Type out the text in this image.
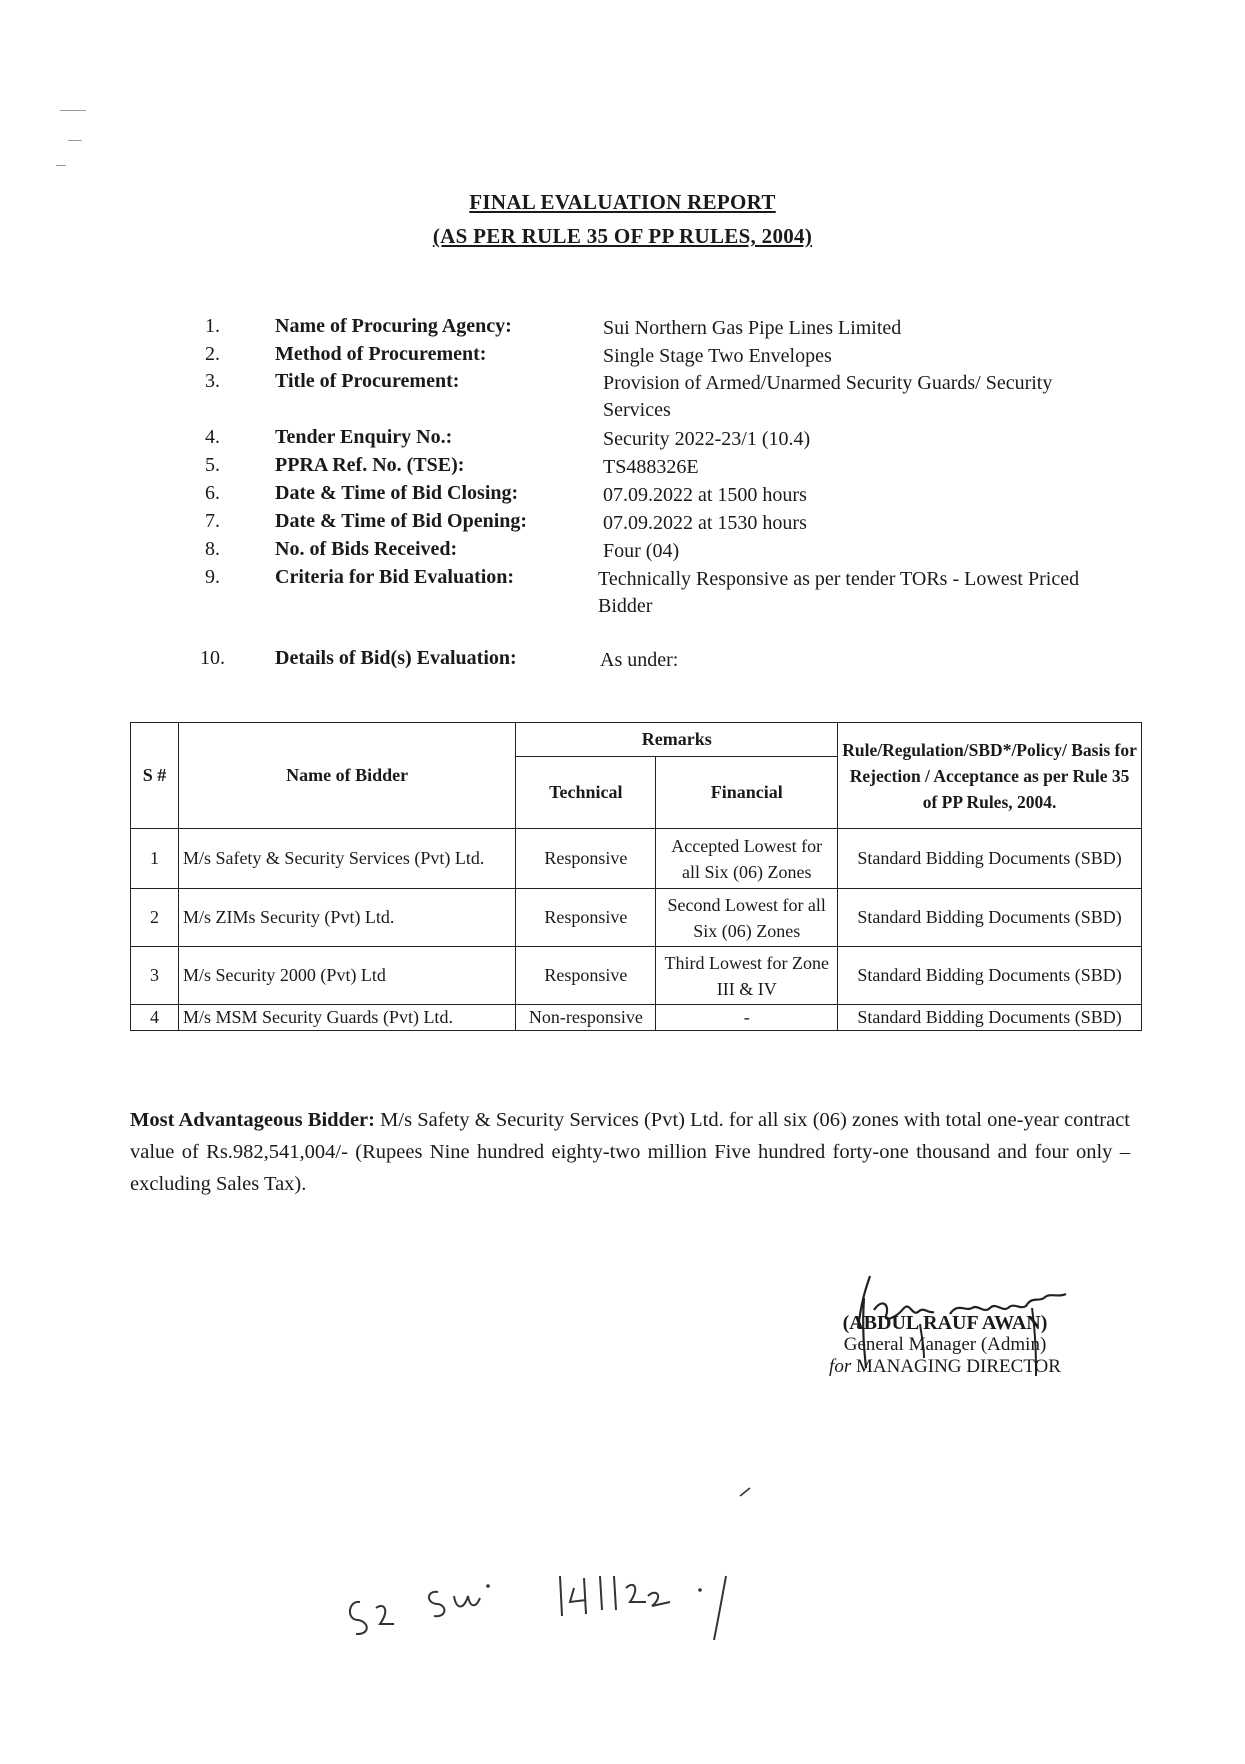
FINAL EVALUATION REPORT
(AS PER RULE 35 OF PP RULES, 2004)
1.	Name of Procuring Agency:	Sui Northern Gas Pipe Lines Limited
2.	Method of Procurement:	Single Stage Two Envelopes
3.	Title of Procurement:	Provision of Armed/Unarmed Security Guards/ Security Services
4.	Tender Enquiry No.:	Security 2022-23/1 (10.4)
5.	PPRA Ref. No. (TSE):	TS488326E
6.	Date & Time of Bid Closing:	07.09.2022 at 1500 hours
7.	Date & Time of Bid Opening:	07.09.2022 at 1530 hours
8.	No. of Bids Received:	Four (04)
9.	Criteria for Bid Evaluation:	Technically Responsive as per tender TORs - Lowest Priced Bidder
10.	Details of Bid(s) Evaluation:	As under:
S #	Name of Bidder	Remarks		Rule/Regulation/SBD*/Policy/ Basis for Rejection / Acceptance as per Rule 35 of PP Rules, 2004.
		Technical	Financial	
1	M/s Safety & Security Services (Pvt) Ltd.	Responsive	Accepted Lowest for all Six (06) Zones	Standard Bidding Documents (SBD)
2	M/s ZIMs Security (Pvt) Ltd.	Responsive	Second Lowest for all Six (06) Zones	Standard Bidding Documents (SBD)
3	M/s Security 2000 (Pvt) Ltd	Responsive	Third Lowest for Zone III & IV	Standard Bidding Documents (SBD)
4	M/s MSM Security Guards (Pvt) Ltd.	Non-responsive	-	Standard Bidding Documents (SBD)
Most Advantageous Bidder: M/s Safety & Security Services (Pvt) Ltd. for all six (06) zones with total one-year contract value of Rs.982,541,004/- (Rupees Nine hundred eighty-two million Five hundred forty-one thousand and four only – excluding Sales Tax).
(ABDUL RAUF AWAN)
General Manager (Admin)
for MANAGING DIRECTOR
